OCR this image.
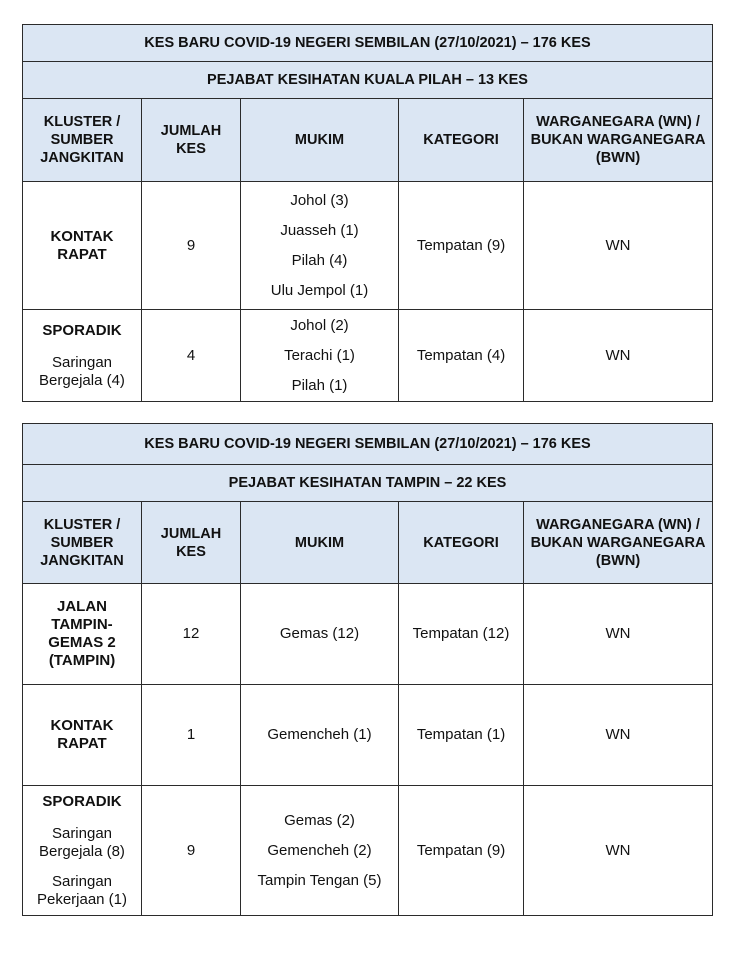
KES BARU COVID-19 NEGERI SEMBILAN (27/10/2021) – 176 KES				
PEJABAT KESIHATAN KUALA PILAH – 13 KES				
KLUSTER / SUMBER JANGKITAN	JUMLAH KES	MUKIM	KATEGORI	WARGANEGARA (WN) / BUKAN WARGANEGARA (BWN)
KONTAK RAPAT	9	Johol (3)
Juasseh (1)
Pilah (4)
Ulu Jempol (1)	Tempatan (9)	WN

SPORADIK
Saringan Bergejala (4)	4	Johol (2)
Terachi (1)
Pilah (1)	Tempatan (4)	WN
KES BARU COVID-19 NEGERI SEMBILAN (27/10/2021) – 176 KES				
PEJABAT KESIHATAN TAMPIN – 22 KES				
KLUSTER / SUMBER JANGKITAN	JUMLAH KES	MUKIM	KATEGORI	WARGANEGARA (WN) / BUKAN WARGANEGARA (BWN)
JALAN TAMPIN-GEMAS 2 (TAMPIN)	12	Gemas (12)	Tempatan (12)	WN
KONTAK RAPAT	1	Gemencheh (1)	Tempatan (1)	WN

SPORADIK
Saringan Bergejala (8)
Saringan Pekerjaan (1)	9	Gemas (2)
Gemencheh (2)
Tampin Tengan (5)	Tempatan (9)	WN
